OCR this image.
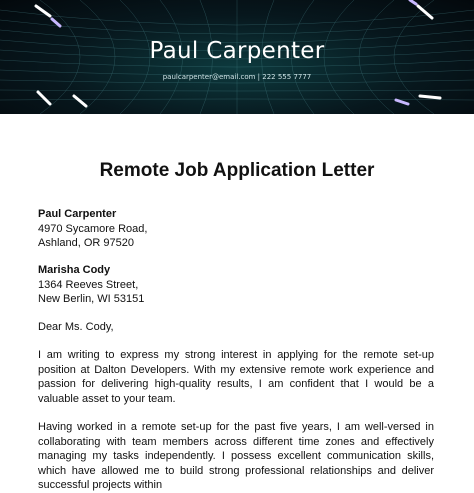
Paul Carpenter
paulcarpenter@email.com | 222 555 7777
Remote Job Application Letter
Paul Carpenter
4970 Sycamore Road,
Ashland, OR 97520
Marisha Cody
1364 Reeves Street,
New Berlin, WI 53151
Dear Ms. Cody,

I am writing to express my strong interest in applying for the remote set-up position at Dalton Developers. With my extensive remote work experience and passion for delivering high-quality results, I am confident that I would be a valuable asset to your team.

Having worked in a remote set-up for the past five years, I am well-versed in collaborating with team members across different time zones and effectively managing my tasks independently. I possess excellent communication skills, which have allowed me to build strong professional relationships and deliver successful projects within
